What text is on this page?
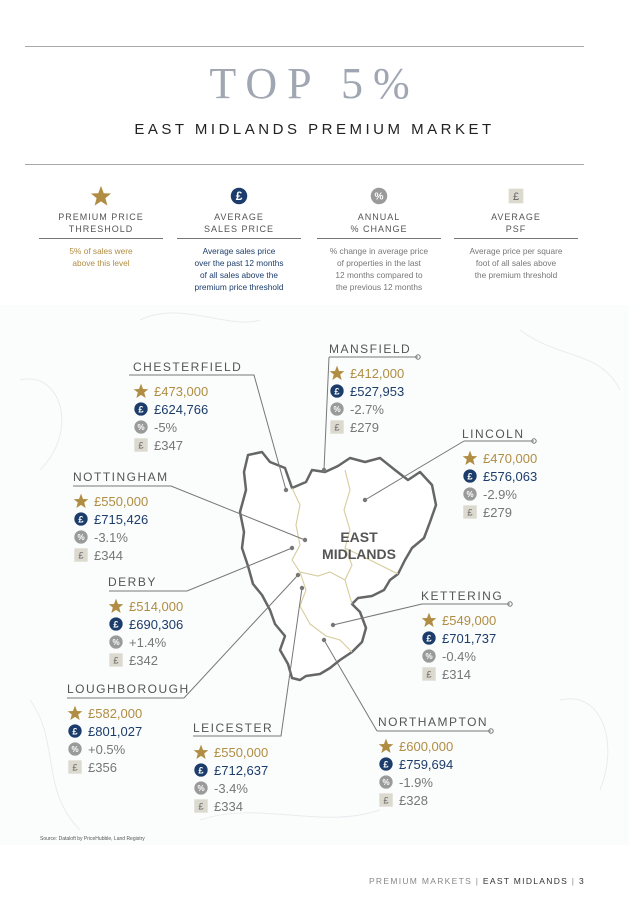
TOP 5%
EAST MIDLANDS PREMIUM MARKET
PREMIUM PRICE
THRESHOLD
5% of sales were
above this level
£
AVERAGE
SALES PRICE
Average sales price
over the past 12 months
of all sales above the
premium price threshold
%
ANNUAL
% CHANGE
% change in average price
of properties in the last
12 months compared to
the previous 12 months
£
AVERAGE
PSF
Average price per square
foot of all sales above
the premium threshold
EAST
MIDLANDS
CHESTERFIELD
£473,000
£ £624,766
% -5%
£ £347
MANSFIELD
£412,000
£ £527,953
% -2.7%
£ £279	LINCOLN
£470,000
£ £576,063
% -2.9%
£ £279
NOTTINGHAM
£550,000
£ £715,426
% -3.1%
£ £344
DERBY
£514,000
£ £690,306
% +1.4%
£ £342
KETTERING
£549,000
£ £701,737
% -0.4%
£ £314
LOUGHBOROUGH
£582,000
£ £801,027
% +0.5%
£ £356
LEICESTER
£550,000
£ £712,637
% -3.4%
£ £334
NORTHAMPTON
£600,000
£ £759,694
% -1.9%
£ £328
Source: Dataloft by PriceHubble, Land Registry
PREMIUM MARKETS | EAST MIDLANDS | 3
